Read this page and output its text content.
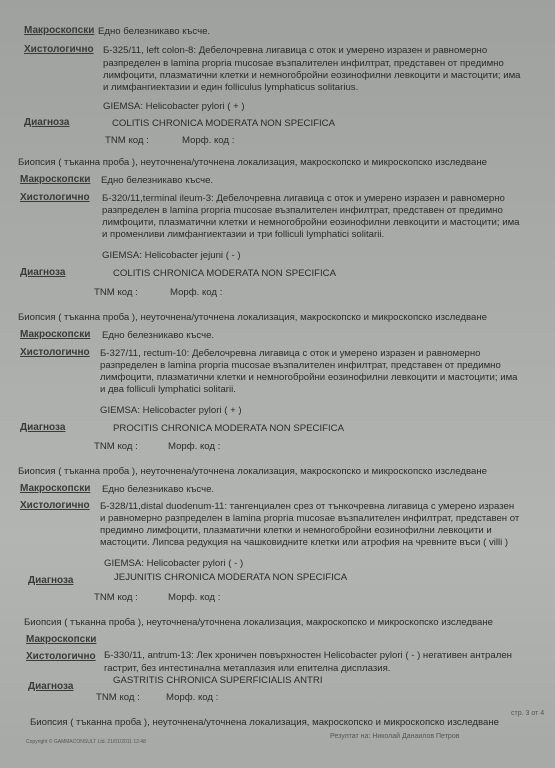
Макроскопски Едно белезникаво късче.
Хистологично Б-325/11, left colon-8: Дебелочревна лигавица с оток и умерено изразен и равномерно
разпределен в lamina propria mucosae възпалителен инфилтрат, представен от предимно
лимфоцити, плазматични клетки и немногобройни еозинофилни левкоцити и мастоцити; има
и лимфангиектазии и един folliculus lymphaticus solitarius.
GIEMSA: Helicobacter pylori ( + )
Диагноза	COLITIS CHRONICA MODERATA NON SPECIFICA
TNM код :	Морф. код :
Биопсия ( тъканна проба ), неуточнена/уточнена локализация, макроскопско и микроскопско изследване
Макроскопски Едно белезникаво късче.
Хистологично Б-320/11,terminal ileum-3: Дебелочревна лигавица с оток и умерено изразен и равномерно
разпределен в lamina propria mucosae възпалителен инфилтрат, представен от предимно
лимфоцити, плазматични клетки и немногобройни еозинофилни левкоцити и мастоцити; има
и променливи лимфангиектазии и три folliculi lymphatici solitarii.
GIEMSA: Helicobacter jejuni ( - )
Диагноза	COLITIS CHRONICA MODERATA NON SPECIFICA
TNM код :	Морф. код :
Биопсия ( тъканна проба ), неуточнена/уточнена локализация, макроскопско и микроскопско изследване
Макроскопски Едно белезникаво късче.
Хистологично Б-327/11, rectum-10: Дебелочревна лигавица с оток и умерено изразен и равномерно
разпределен в lamina propria mucosae възпалителен инфилтрат, представен от предимно
лимфоцити, плазматични клетки и немногобройни еозинофилни левкоцити и мастоцити; има
и два folliculi lymphatici solitarii.
GIEMSA: Helicobacter pylori ( + )
Диагноза	PROCITIS CHRONICA MODERATA NON SPECIFICA
TNM код :	Морф. код :
Биопсия ( тъканна проба ), неуточнена/уточнена локализация, макроскопско и микроскопско изследване
Макроскопски Едно белезникаво късче.
Хистологично Б-328/11,distal duodenum-11: тангенциален срез от тънкочревна лигавица с умерено изразен
и равномерно разпределен в lamina propria mucosae възпалителен инфилтрат, представен от
предимно лимфоцити, плазматични клетки и немногобройни еозинофилни левкоцити и
мастоцити. Липсва редукция на чашковидните клетки или атрофия на чревните въси ( villi )
GIEMSA: Helicobacter pylori ( - )
Диагноза	JEJUNITIS CHRONICA MODERATA NON SPECIFICA
TNM код :	Морф. код :
Биопсия ( тъканна проба ), неуточнена/уточнена локализация, макроскопско и микроскопско изследване
Макроскопски
Хистологично Б-330/11, antrum-13: Лек хроничен повърхностен Helicobacter pylori ( - ) негативен антрален
гастрит, без интестинална метаплазия или епителна дисплазия.
Диагноза
GASTRITIS CHRONICA SUPERFICIALIS ANTRI
TNM код :	Морф. код :
Биопсия ( тъканна проба ), неуточнена/уточнена локализация, макроскопско и микроскопско изследване
Резултат на: Николай Данаилов Петров
стр. 3 от 4
Copyright © GAMMACONSULT Ltd. 21/01/2011 12:48
